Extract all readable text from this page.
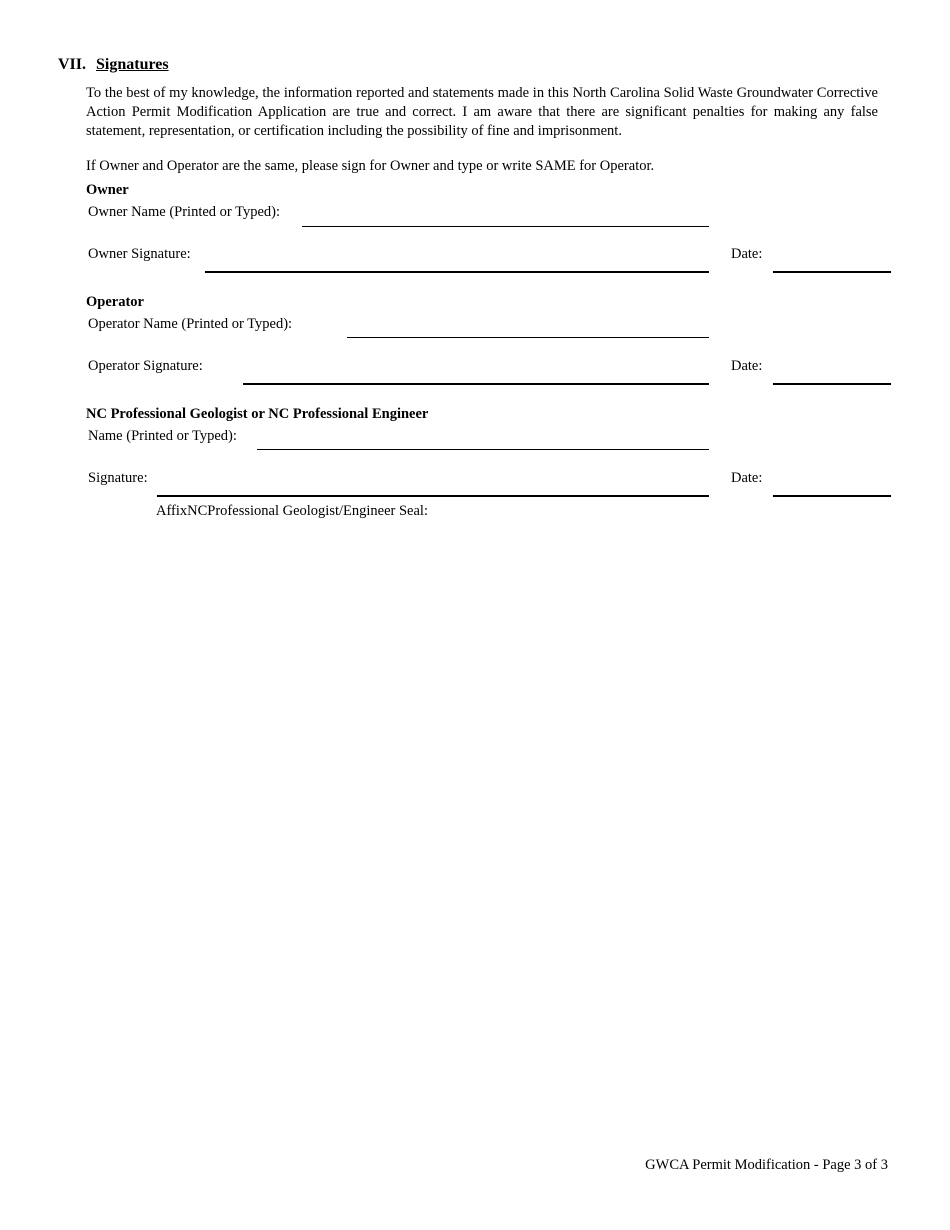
VII. Signatures
To the best of my knowledge, the information reported and statements made in this North Carolina Solid Waste Groundwater Corrective Action Permit Modification Application are true and correct. I am aware that there are significant penalties for making any false statement, representation, or certification including the possibility of fine and imprisonment.
If Owner and Operator are the same, please sign for Owner and type or write SAME for Operator.
Owner
Owner Name (Printed or Typed):
Owner Signature:	Date:
Operator
Operator Name (Printed or Typed):
Operator Signature:	Date:
NC Professional Geologist or NC Professional Engineer
Name (Printed or Typed):
Signature:	Date:
AffixNCProfessional Geologist/Engineer Seal:
GWCA Permit Modification - Page 3 of 3
